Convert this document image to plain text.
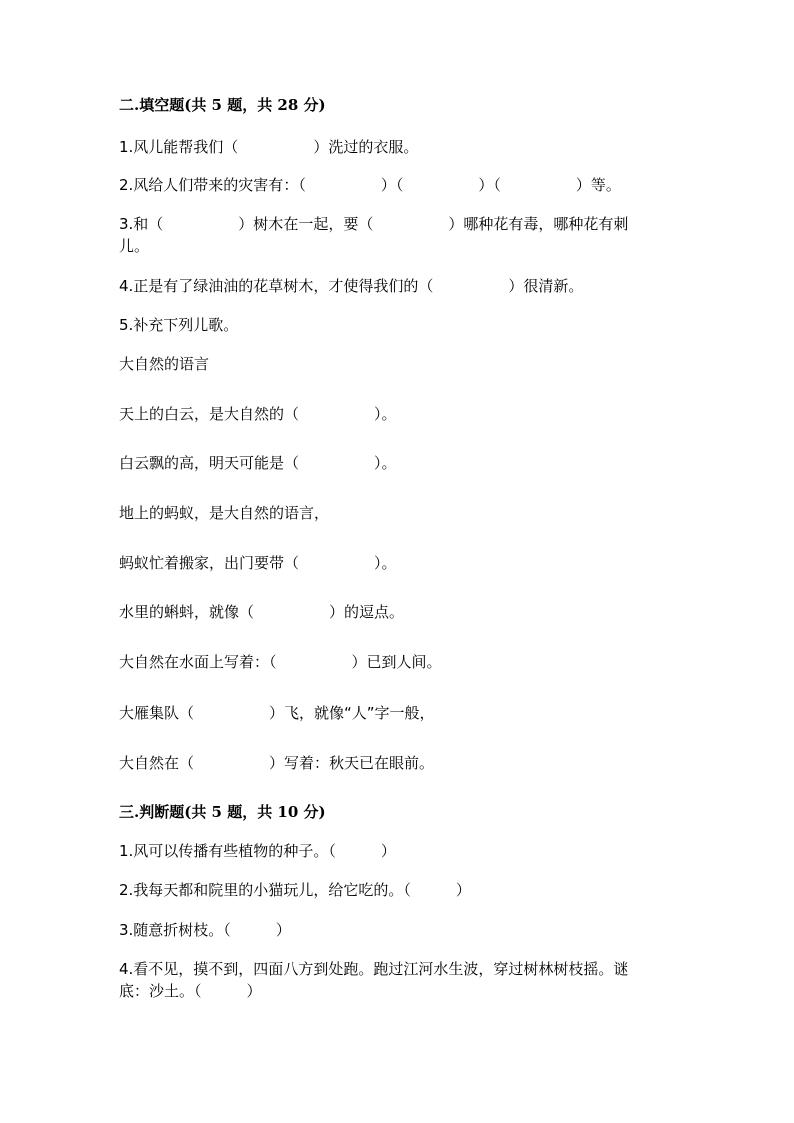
二.填空题(共 5 题，共 28 分)

1.风儿能帮我们（　　　　　）洗过的衣服。

2.风给人们带来的灾害有：（　　　　　）（　　　　　）（　　　　　）等。

3.和（　　　　　）树木在一起，要（　　　　　）哪种花有毒，哪种花有刺

儿。

4.正是有了绿油油的花草树木，才使得我们的（　　　　　）很清新。

5.补充下列儿歌。

大自然的语言

天上的白云，是大自然的（　　　　　）。

白云飘的高，明天可能是（　　　　　）。

地上的蚂蚁，是大自然的语言，

蚂蚁忙着搬家，出门要带（　　　　　）。

水里的蝌蚪，就像（　　　　　）的逗点。

大自然在水面上写着：（　　　　　）已到人间。

大雁集队（　　　　　）飞，就像“人”字一般，

大自然在（　　　　　）写着：秋天已在眼前。

三.判断题(共 5 题，共 10 分)

1.风可以传播有些植物的种子。（　　　）

2.我每天都和院里的小猫玩儿，给它吃的。（　　　）

3.随意折树枝。（　　　）

4.看不见，摸不到，四面八方到处跑。跑过江河水生波，穿过树林树枝摇。谜

底：沙土。（　　　）
